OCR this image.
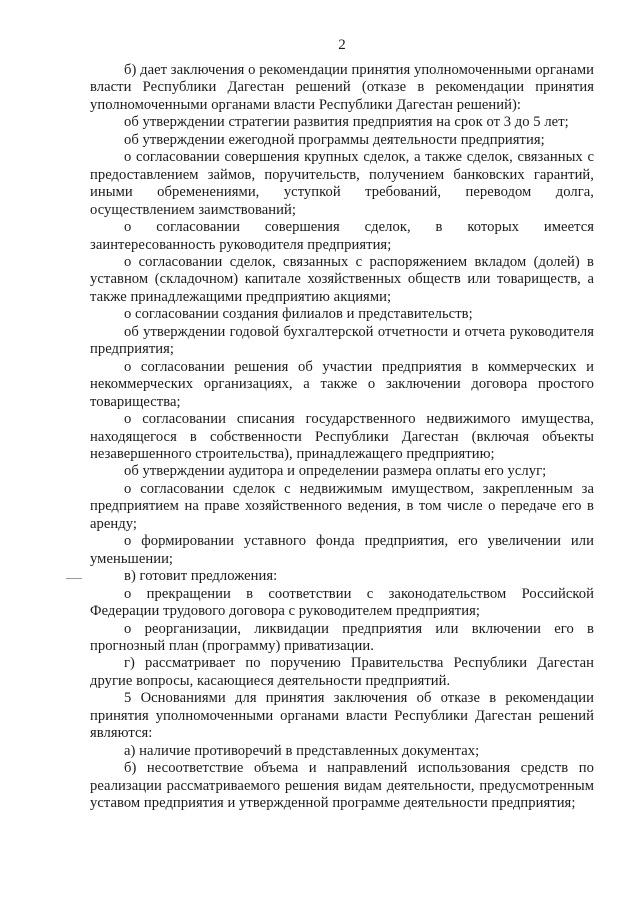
2

б) дает заключения о рекомендации принятия уполномоченными органами власти Республики Дагестан решений (отказе в рекомендации принятия уполномоченными органами власти Республики Дагестан решений):

об утверждении стратегии развития предприятия на срок от 3 до 5 лет;

об утверждении ежегодной программы деятельности предприятия;

о согласовании совершения крупных сделок, а также сделок, связанных с предоставлением займов, поручительств, получением банковских гарантий, иными обременениями, уступкой требований, переводом долга, осуществлением заимствований;

о согласовании совершения сделок, в которых имеется заинтересованность руководителя предприятия;

о согласовании сделок, связанных с распоряжением вкладом (долей) в уставном (складочном) капитале хозяйственных обществ или товариществ, а также принадлежащими предприятию акциями;

о согласовании создания филиалов и представительств;

об утверждении годовой бухгалтерской отчетности и отчета руководителя предприятия;

о согласовании решения об участии предприятия в коммерческих и некоммерческих организациях, а также о заключении договора простого товарищества;

о согласовании списания государственного недвижимого имущества, находящегося в собственности Республики Дагестан (включая объекты незавершенного строительства), принадлежащего предприятию;

об утверждении аудитора и определении размера оплаты его услуг;

о согласовании сделок с недвижимым имуществом, закрепленным за предприятием на праве хозяйственного ведения, в том числе о передаче его в аренду;

о формировании уставного фонда предприятия, его увеличении или уменьшении;

в) готовит предложения:

о прекращении в соответствии с законодательством Российской Федерации трудового договора с руководителем предприятия;

о реорганизации, ликвидации предприятия или включении его в прогнозный план (программу) приватизации.

г) рассматривает по поручению Правительства Республики Дагестан другие вопросы, касающиеся деятельности предприятий.

5 Основаниями для принятия заключения об отказе в рекомендации принятия уполномоченными органами власти Республики Дагестан решений являются:

а) наличие противоречий в представленных документах;

б) несоответствие объема и направлений использования средств по реализации рассматриваемого решения видам деятельности, предусмотренным уставом предприятия и утвержденной программе деятельности предприятия;
